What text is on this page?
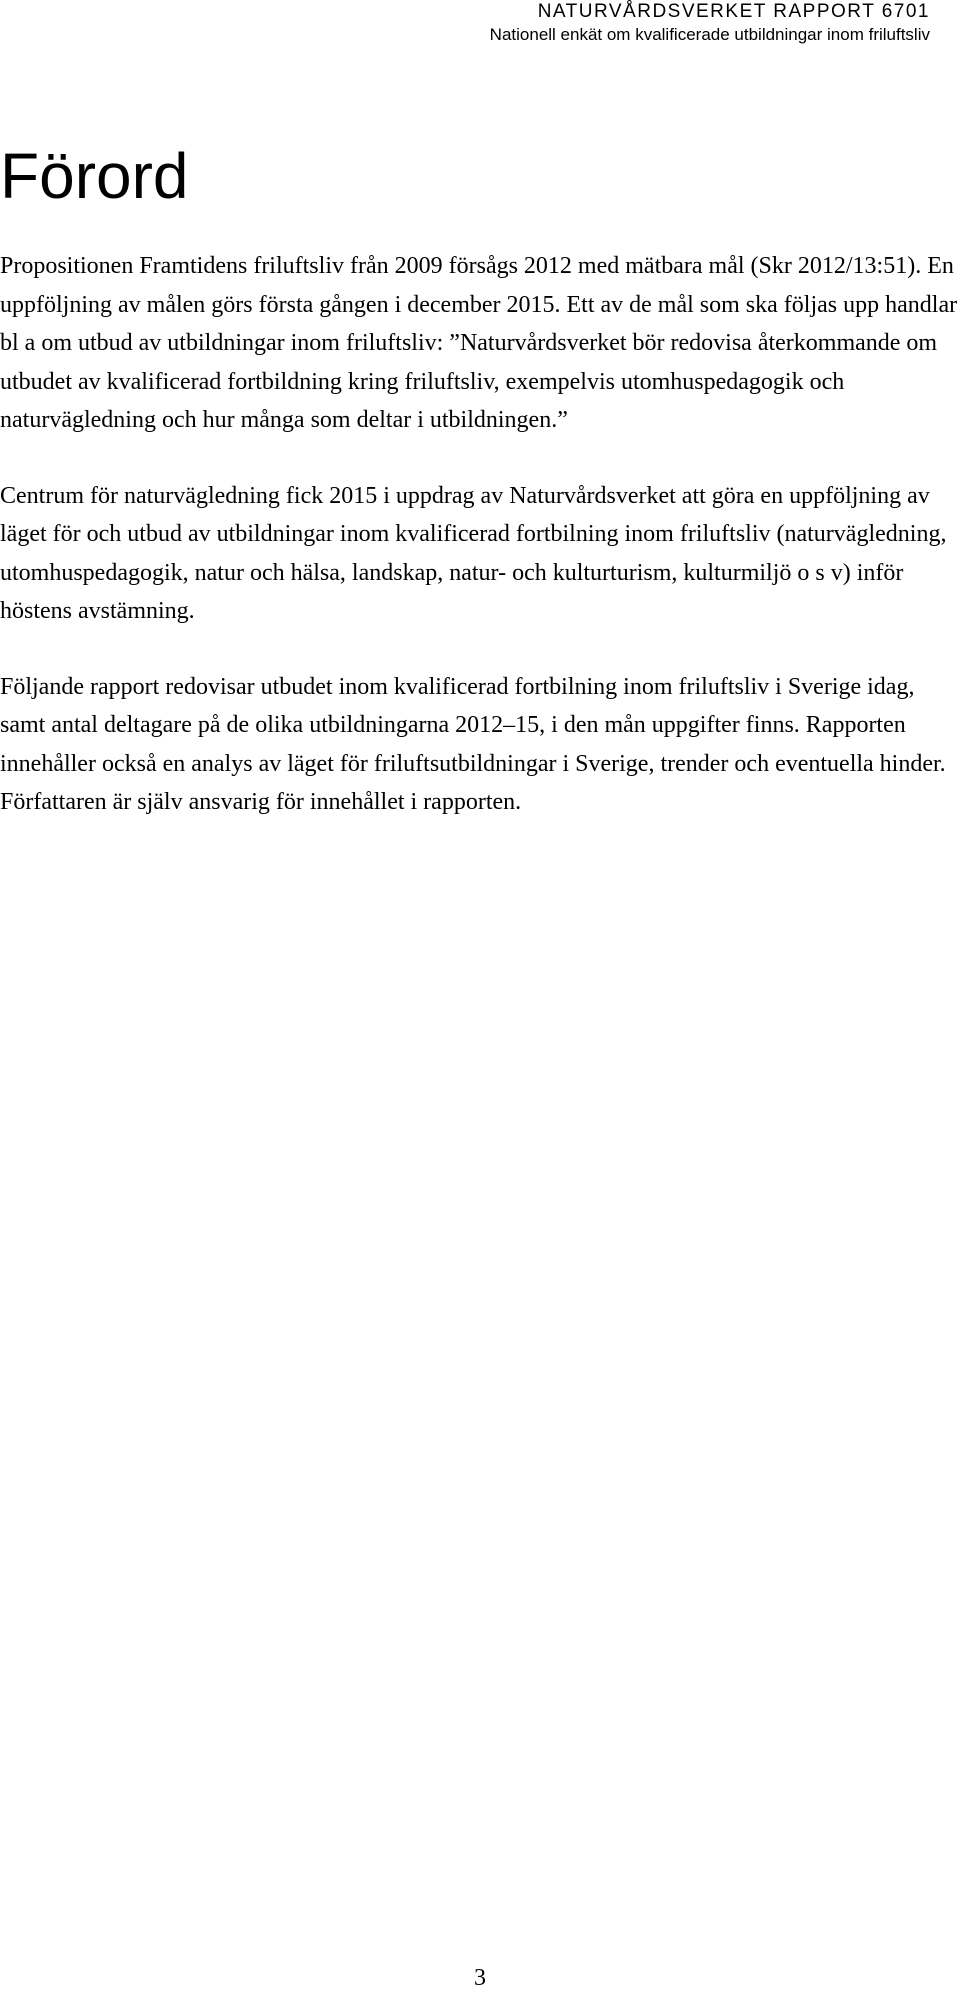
NATURVÅRDSVERKET RAPPORT 6701
Nationell enkät om kvalificerade utbildningar inom friluftsliv
Förord

Propositionen Framtidens friluftsliv från 2009 försågs 2012 med mätbara mål (Skr 2012/13:51). En uppföljning av målen görs första gången i december 2015. Ett av de mål som ska följas upp handlar bl a om utbud av utbildningar inom friluftsliv: ”Naturvårdsverket bör redovisa återkommande om utbudet av kvalificerad fortbildning kring friluftsliv, exempelvis utomhuspedagogik och naturvägledning och hur många som deltar i utbildningen.”

Centrum för naturvägledning fick 2015 i uppdrag av Naturvårdsverket att göra en uppföljning av läget för och utbud av utbildningar inom kvalificerad fortbilning inom friluftsliv (naturvägledning, utomhuspedagogik, natur och hälsa, landskap, natur- och kulturturism, kulturmiljö o s v) inför höstens avstämning.

Följande rapport redovisar utbudet inom kvalificerad fortbilning inom friluftsliv i Sverige idag, samt antal deltagare på de olika utbildningarna 2012–15, i den mån uppgifter finns. Rapporten innehåller också en analys av läget för friluftsutbildningar i Sverige, trender och eventuella hinder. Författaren är själv ansvarig för innehållet i rapporten.

3
